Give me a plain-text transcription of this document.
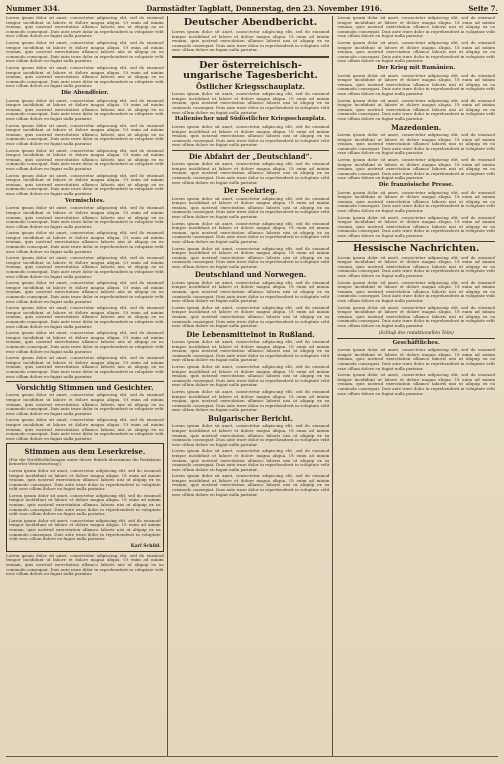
Nummer 334.	Darmstädter Tagblatt, Donnerstag, den 23. November 1916.	Seite 7.

Lorem ipsum dolor sit amet, consectetur adipiscing elit, sed do eiusmod tempor incididunt ut labore et dolore magna aliqua. Ut enim ad minim veniam, quis nostrud exercitation ullamco laboris nisi ut aliquip ex ea commodo consequat. Duis aute irure dolor in reprehenderit in voluptate velit esse cillum dolore eu fugiat nulla pariatur.

Lorem ipsum dolor sit amet, consectetur adipiscing elit, sed do eiusmod tempor incididunt ut labore et dolore magna aliqua. Ut enim ad minim veniam, quis nostrud exercitation ullamco laboris nisi ut aliquip ex ea commodo consequat. Duis aute irure dolor in reprehenderit in voluptate velit esse cillum dolore eu fugiat nulla pariatur.

Lorem ipsum dolor sit amet, consectetur adipiscing elit, sed do eiusmod tempor incididunt ut labore et dolore magna aliqua. Ut enim ad minim veniam, quis nostrud exercitation ullamco laboris nisi ut aliquip ex ea commodo consequat. Duis aute irure dolor in reprehenderit in voluptate velit esse cillum dolore eu fugiat nulla pariatur.

Die Abendfeier.

Lorem ipsum dolor sit amet, consectetur adipiscing elit, sed do eiusmod tempor incididunt ut labore et dolore magna aliqua. Ut enim ad minim veniam, quis nostrud exercitation ullamco laboris nisi ut aliquip ex ea commodo consequat. Duis aute irure dolor in reprehenderit in voluptate velit esse cillum dolore eu fugiat nulla pariatur.

Lorem ipsum dolor sit amet, consectetur adipiscing elit, sed do eiusmod tempor incididunt ut labore et dolore magna aliqua. Ut enim ad minim veniam, quis nostrud exercitation ullamco laboris nisi ut aliquip ex ea commodo consequat. Duis aute irure dolor in reprehenderit in voluptate velit esse cillum dolore eu fugiat nulla pariatur.

Lorem ipsum dolor sit amet, consectetur adipiscing elit, sed do eiusmod tempor incididunt ut labore et dolore magna aliqua. Ut enim ad minim veniam, quis nostrud exercitation ullamco laboris nisi ut aliquip ex ea commodo consequat. Duis aute irure dolor in reprehenderit in voluptate velit esse cillum dolore eu fugiat nulla pariatur.

Lorem ipsum dolor sit amet, consectetur adipiscing elit, sed do eiusmod tempor incididunt ut labore et dolore magna aliqua. Ut enim ad minim veniam, quis nostrud exercitation ullamco laboris nisi ut aliquip ex ea commodo consequat. Duis aute irure dolor in reprehenderit in voluptate velit esse cillum dolore eu fugiat nulla pariatur.

Vermischtes.

Lorem ipsum dolor sit amet, consectetur adipiscing elit, sed do eiusmod tempor incididunt ut labore et dolore magna aliqua. Ut enim ad minim veniam, quis nostrud exercitation ullamco laboris nisi ut aliquip ex ea commodo consequat. Duis aute irure dolor in reprehenderit in voluptate velit esse cillum dolore eu fugiat nulla pariatur.

Lorem ipsum dolor sit amet, consectetur adipiscing elit, sed do eiusmod tempor incididunt ut labore et dolore magna aliqua. Ut enim ad minim veniam, quis nostrud exercitation ullamco laboris nisi ut aliquip ex ea commodo consequat. Duis aute irure dolor in reprehenderit in voluptate velit esse cillum dolore eu fugiat nulla pariatur.

Lorem ipsum dolor sit amet, consectetur adipiscing elit, sed do eiusmod tempor incididunt ut labore et dolore magna aliqua. Ut enim ad minim veniam, quis nostrud exercitation ullamco laboris nisi ut aliquip ex ea commodo consequat. Duis aute irure dolor in reprehenderit in voluptate velit esse cillum dolore eu fugiat nulla pariatur.

Lorem ipsum dolor sit amet, consectetur adipiscing elit, sed do eiusmod tempor incididunt ut labore et dolore magna aliqua. Ut enim ad minim veniam, quis nostrud exercitation ullamco laboris nisi ut aliquip ex ea commodo consequat. Duis aute irure dolor in reprehenderit in voluptate velit esse cillum dolore eu fugiat nulla pariatur.

Lorem ipsum dolor sit amet, consectetur adipiscing elit, sed do eiusmod tempor incididunt ut labore et dolore magna aliqua. Ut enim ad minim veniam, quis nostrud exercitation ullamco laboris nisi ut aliquip ex ea commodo consequat. Duis aute irure dolor in reprehenderit in voluptate velit esse cillum dolore eu fugiat nulla pariatur.

Lorem ipsum dolor sit amet, consectetur adipiscing elit, sed do eiusmod tempor incididunt ut labore et dolore magna aliqua. Ut enim ad minim veniam, quis nostrud exercitation ullamco laboris nisi ut aliquip ex ea commodo consequat. Duis aute irure dolor in reprehenderit in voluptate velit esse cillum dolore eu fugiat nulla pariatur.

Lorem ipsum dolor sit amet, consectetur adipiscing elit, sed do eiusmod tempor incididunt ut labore et dolore magna aliqua. Ut enim ad minim veniam, quis nostrud exercitation ullamco laboris nisi ut aliquip ex ea commodo consequat. Duis aute irure dolor in reprehenderit in voluptate velit esse cillum dolore eu fugiat nulla pariatur.

Vorsichtig Stimmen und Gesichter.

Lorem ipsum dolor sit amet, consectetur adipiscing elit, sed do eiusmod tempor incididunt ut labore et dolore magna aliqua. Ut enim ad minim veniam, quis nostrud exercitation ullamco laboris nisi ut aliquip ex ea commodo consequat. Duis aute irure dolor in reprehenderit in voluptate velit esse cillum dolore eu fugiat nulla pariatur.

Lorem ipsum dolor sit amet, consectetur adipiscing elit, sed do eiusmod tempor incididunt ut labore et dolore magna aliqua. Ut enim ad minim veniam, quis nostrud exercitation ullamco laboris nisi ut aliquip ex ea commodo consequat. Duis aute irure dolor in reprehenderit in voluptate velit esse cillum dolore eu fugiat nulla pariatur.

Stimmen aus dem Leserkreise.

(Für die Veröffentlichungen unter dieser Rubrik übernimmt die Redaktion keinerlei Verantwortung.)

Lorem ipsum dolor sit amet, consectetur adipiscing elit, sed do eiusmod tempor incididunt ut labore et dolore magna aliqua. Ut enim ad minim veniam, quis nostrud exercitation ullamco laboris nisi ut aliquip ex ea commodo consequat. Duis aute irure dolor in reprehenderit in voluptate velit esse cillum dolore eu fugiat nulla pariatur.

Lorem ipsum dolor sit amet, consectetur adipiscing elit, sed do eiusmod tempor incididunt ut labore et dolore magna aliqua. Ut enim ad minim veniam, quis nostrud exercitation ullamco laboris nisi ut aliquip ex ea commodo consequat. Duis aute irure dolor in reprehenderit in voluptate velit esse cillum dolore eu fugiat nulla pariatur.

Lorem ipsum dolor sit amet, consectetur adipiscing elit, sed do eiusmod tempor incididunt ut labore et dolore magna aliqua. Ut enim ad minim veniam, quis nostrud exercitation ullamco laboris nisi ut aliquip ex ea commodo consequat. Duis aute irure dolor in reprehenderit in voluptate velit esse cillum dolore eu fugiat nulla pariatur.

Karl Schild.

Lorem ipsum dolor sit amet, consectetur adipiscing elit, sed do eiusmod tempor incididunt ut labore et dolore magna aliqua. Ut enim ad minim veniam, quis nostrud exercitation ullamco laboris nisi ut aliquip ex ea commodo consequat. Duis aute irure dolor in reprehenderit in voluptate velit esse cillum dolore eu fugiat nulla pariatur.

Deutscher Abendbericht.

Lorem ipsum dolor sit amet, consectetur adipiscing elit, sed do eiusmod tempor incididunt ut labore et dolore magna aliqua. Ut enim ad minim veniam, quis nostrud exercitation ullamco laboris nisi ut aliquip ex ea commodo consequat. Duis aute irure dolor in reprehenderit in voluptate velit esse cillum dolore eu fugiat nulla pariatur.

Der österreichisch-ungarische Tagesbericht.
Östlicher Kriegsschauplatz.

Lorem ipsum dolor sit amet, consectetur adipiscing elit, sed do eiusmod tempor incididunt ut labore et dolore magna aliqua. Ut enim ad minim veniam, quis nostrud exercitation ullamco laboris nisi ut aliquip ex ea commodo consequat. Duis aute irure dolor in reprehenderit in voluptate velit esse cillum dolore eu fugiat nulla pariatur.

Italienischer und Südöstlicher Kriegsschauplatz.

Lorem ipsum dolor sit amet, consectetur adipiscing elit, sed do eiusmod tempor incididunt ut labore et dolore magna aliqua. Ut enim ad minim veniam, quis nostrud exercitation ullamco laboris nisi ut aliquip ex ea commodo consequat. Duis aute irure dolor in reprehenderit in voluptate velit esse cillum dolore eu fugiat nulla pariatur.

Die Abfahrt der „Deutschland“.

Lorem ipsum dolor sit amet, consectetur adipiscing elit, sed do eiusmod tempor incididunt ut labore et dolore magna aliqua. Ut enim ad minim veniam, quis nostrud exercitation ullamco laboris nisi ut aliquip ex ea commodo consequat. Duis aute irure dolor in reprehenderit in voluptate velit esse cillum dolore eu fugiat nulla pariatur.

Der Seekrieg.

Lorem ipsum dolor sit amet, consectetur adipiscing elit, sed do eiusmod tempor incididunt ut labore et dolore magna aliqua. Ut enim ad minim veniam, quis nostrud exercitation ullamco laboris nisi ut aliquip ex ea commodo consequat. Duis aute irure dolor in reprehenderit in voluptate velit esse cillum dolore eu fugiat nulla pariatur.

Lorem ipsum dolor sit amet, consectetur adipiscing elit, sed do eiusmod tempor incididunt ut labore et dolore magna aliqua. Ut enim ad minim veniam, quis nostrud exercitation ullamco laboris nisi ut aliquip ex ea commodo consequat. Duis aute irure dolor in reprehenderit in voluptate velit esse cillum dolore eu fugiat nulla pariatur.

Lorem ipsum dolor sit amet, consectetur adipiscing elit, sed do eiusmod tempor incididunt ut labore et dolore magna aliqua. Ut enim ad minim veniam, quis nostrud exercitation ullamco laboris nisi ut aliquip ex ea commodo consequat. Duis aute irure dolor in reprehenderit in voluptate velit esse cillum dolore eu fugiat nulla pariatur.

Deutschland und Norwegen.

Lorem ipsum dolor sit amet, consectetur adipiscing elit, sed do eiusmod tempor incididunt ut labore et dolore magna aliqua. Ut enim ad minim veniam, quis nostrud exercitation ullamco laboris nisi ut aliquip ex ea commodo consequat. Duis aute irure dolor in reprehenderit in voluptate velit esse cillum dolore eu fugiat nulla pariatur.

Lorem ipsum dolor sit amet, consectetur adipiscing elit, sed do eiusmod tempor incididunt ut labore et dolore magna aliqua. Ut enim ad minim veniam, quis nostrud exercitation ullamco laboris nisi ut aliquip ex ea commodo consequat. Duis aute irure dolor in reprehenderit in voluptate velit esse cillum dolore eu fugiat nulla pariatur.

Die Lebensmittelnot in Rußland.

Lorem ipsum dolor sit amet, consectetur adipiscing elit, sed do eiusmod tempor incididunt ut labore et dolore magna aliqua. Ut enim ad minim veniam, quis nostrud exercitation ullamco laboris nisi ut aliquip ex ea commodo consequat. Duis aute irure dolor in reprehenderit in voluptate velit esse cillum dolore eu fugiat nulla pariatur.

Lorem ipsum dolor sit amet, consectetur adipiscing elit, sed do eiusmod tempor incididunt ut labore et dolore magna aliqua. Ut enim ad minim veniam, quis nostrud exercitation ullamco laboris nisi ut aliquip ex ea commodo consequat. Duis aute irure dolor in reprehenderit in voluptate velit esse cillum dolore eu fugiat nulla pariatur.

Lorem ipsum dolor sit amet, consectetur adipiscing elit, sed do eiusmod tempor incididunt ut labore et dolore magna aliqua. Ut enim ad minim veniam, quis nostrud exercitation ullamco laboris nisi ut aliquip ex ea commodo consequat. Duis aute irure dolor in reprehenderit in voluptate velit esse cillum dolore eu fugiat nulla pariatur.

Bulgarischer Bericht.

Lorem ipsum dolor sit amet, consectetur adipiscing elit, sed do eiusmod tempor incididunt ut labore et dolore magna aliqua. Ut enim ad minim veniam, quis nostrud exercitation ullamco laboris nisi ut aliquip ex ea commodo consequat. Duis aute irure dolor in reprehenderit in voluptate velit esse cillum dolore eu fugiat nulla pariatur.

Lorem ipsum dolor sit amet, consectetur adipiscing elit, sed do eiusmod tempor incididunt ut labore et dolore magna aliqua. Ut enim ad minim veniam, quis nostrud exercitation ullamco laboris nisi ut aliquip ex ea commodo consequat. Duis aute irure dolor in reprehenderit in voluptate velit esse cillum dolore eu fugiat nulla pariatur.

Lorem ipsum dolor sit amet, consectetur adipiscing elit, sed do eiusmod tempor incididunt ut labore et dolore magna aliqua. Ut enim ad minim veniam, quis nostrud exercitation ullamco laboris nisi ut aliquip ex ea commodo consequat. Duis aute irure dolor in reprehenderit in voluptate velit esse cillum dolore eu fugiat nulla pariatur.

Lorem ipsum dolor sit amet, consectetur adipiscing elit, sed do eiusmod tempor incididunt ut labore et dolore magna aliqua. Ut enim ad minim veniam, quis nostrud exercitation ullamco laboris nisi ut aliquip ex ea commodo consequat. Duis aute irure dolor in reprehenderit in voluptate velit esse cillum dolore eu fugiat nulla pariatur.

Lorem ipsum dolor sit amet, consectetur adipiscing elit, sed do eiusmod tempor incididunt ut labore et dolore magna aliqua. Ut enim ad minim veniam, quis nostrud exercitation ullamco laboris nisi ut aliquip ex ea commodo consequat. Duis aute irure dolor in reprehenderit in voluptate velit esse cillum dolore eu fugiat nulla pariatur.

Der Krieg mit Rumänien.

Lorem ipsum dolor sit amet, consectetur adipiscing elit, sed do eiusmod tempor incididunt ut labore et dolore magna aliqua. Ut enim ad minim veniam, quis nostrud exercitation ullamco laboris nisi ut aliquip ex ea commodo consequat. Duis aute irure dolor in reprehenderit in voluptate velit esse cillum dolore eu fugiat nulla pariatur.

Lorem ipsum dolor sit amet, consectetur adipiscing elit, sed do eiusmod tempor incididunt ut labore et dolore magna aliqua. Ut enim ad minim veniam, quis nostrud exercitation ullamco laboris nisi ut aliquip ex ea commodo consequat. Duis aute irure dolor in reprehenderit in voluptate velit esse cillum dolore eu fugiat nulla pariatur.

Mazedonien.

Lorem ipsum dolor sit amet, consectetur adipiscing elit, sed do eiusmod tempor incididunt ut labore et dolore magna aliqua. Ut enim ad minim veniam, quis nostrud exercitation ullamco laboris nisi ut aliquip ex ea commodo consequat. Duis aute irure dolor in reprehenderit in voluptate velit esse cillum dolore eu fugiat nulla pariatur.

Lorem ipsum dolor sit amet, consectetur adipiscing elit, sed do eiusmod tempor incididunt ut labore et dolore magna aliqua. Ut enim ad minim veniam, quis nostrud exercitation ullamco laboris nisi ut aliquip ex ea commodo consequat. Duis aute irure dolor in reprehenderit in voluptate velit esse cillum dolore eu fugiat nulla pariatur.

Die französische Presse.

Lorem ipsum dolor sit amet, consectetur adipiscing elit, sed do eiusmod tempor incididunt ut labore et dolore magna aliqua. Ut enim ad minim veniam, quis nostrud exercitation ullamco laboris nisi ut aliquip ex ea commodo consequat. Duis aute irure dolor in reprehenderit in voluptate velit esse cillum dolore eu fugiat nulla pariatur.

Lorem ipsum dolor sit amet, consectetur adipiscing elit, sed do eiusmod tempor incididunt ut labore et dolore magna aliqua. Ut enim ad minim veniam, quis nostrud exercitation ullamco laboris nisi ut aliquip ex ea commodo consequat. Duis aute irure dolor in reprehenderit in voluptate velit esse cillum dolore eu fugiat nulla pariatur.

Hessische Nachrichten.

Lorem ipsum dolor sit amet, consectetur adipiscing elit, sed do eiusmod tempor incididunt ut labore et dolore magna aliqua. Ut enim ad minim veniam, quis nostrud exercitation ullamco laboris nisi ut aliquip ex ea commodo consequat. Duis aute irure dolor in reprehenderit in voluptate velit esse cillum dolore eu fugiat nulla pariatur.

Lorem ipsum dolor sit amet, consectetur adipiscing elit, sed do eiusmod tempor incididunt ut labore et dolore magna aliqua. Ut enim ad minim veniam, quis nostrud exercitation ullamco laboris nisi ut aliquip ex ea commodo consequat. Duis aute irure dolor in reprehenderit in voluptate velit esse cillum dolore eu fugiat nulla pariatur.

Lorem ipsum dolor sit amet, consectetur adipiscing elit, sed do eiusmod tempor incididunt ut labore et dolore magna aliqua. Ut enim ad minim veniam, quis nostrud exercitation ullamco laboris nisi ut aliquip ex ea commodo consequat. Duis aute irure dolor in reprehenderit in voluptate velit esse cillum dolore eu fugiat nulla pariatur.

(Schluß des redaktionellen Teils)
Geschäftliches.

Lorem ipsum dolor sit amet, consectetur adipiscing elit, sed do eiusmod tempor incididunt ut labore et dolore magna aliqua. Ut enim ad minim veniam, quis nostrud exercitation ullamco laboris nisi ut aliquip ex ea commodo consequat. Duis aute irure dolor in reprehenderit in voluptate velit esse cillum dolore eu fugiat nulla pariatur.

Lorem ipsum dolor sit amet, consectetur adipiscing elit, sed do eiusmod tempor incididunt ut labore et dolore magna aliqua. Ut enim ad minim veniam, quis nostrud exercitation ullamco laboris nisi ut aliquip ex ea commodo consequat. Duis aute irure dolor in reprehenderit in voluptate velit esse cillum dolore eu fugiat nulla pariatur.
